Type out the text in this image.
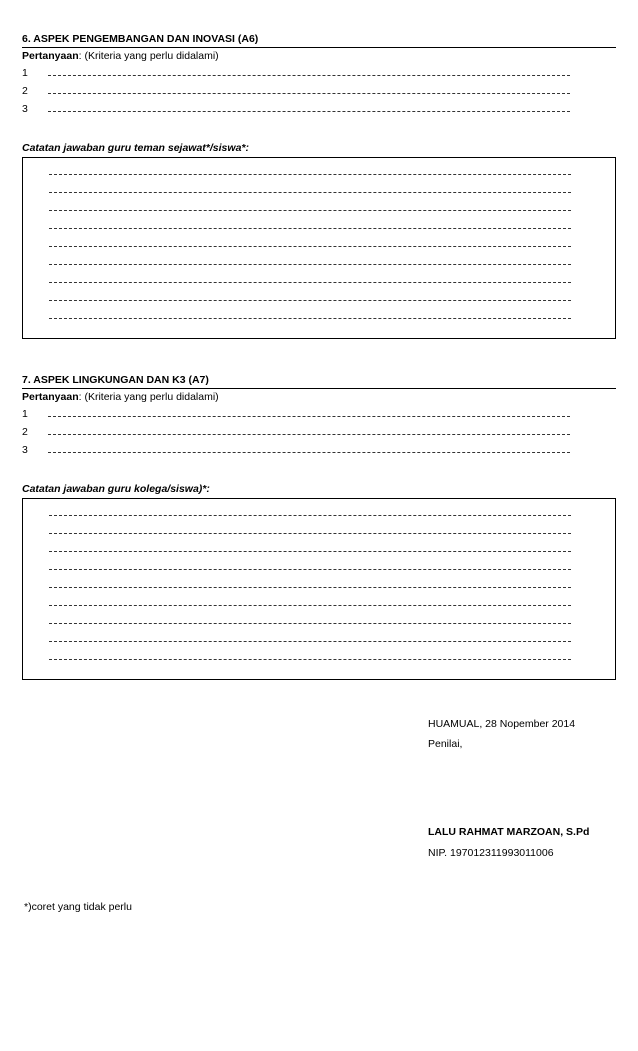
6. ASPEK PENGEMBANGAN DAN INOVASI (A6)
Pertanyaan: (Kriteria yang perlu didalami)
1
2
3
Catatan jawaban guru teman sejawat*/siswa*:
7. ASPEK LINGKUNGAN DAN K3 (A7)
Pertanyaan: (Kriteria yang perlu didalami)
1
2
3
Catatan jawaban guru kolega/siswa)*:
HUAMUAL, 28 Nopember 2014
Penilai,
LALU RAHMAT MARZOAN, S.Pd
NIP. 197012311993011006
*)coret yang tidak perlu
